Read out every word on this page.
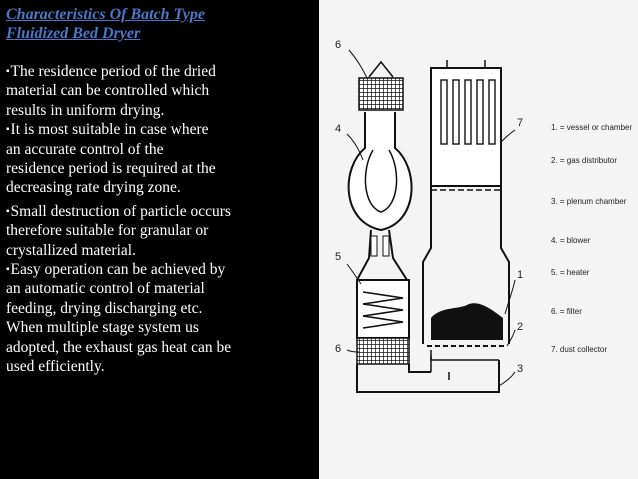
Characteristics Of Batch Type
Fluidized Bed Dryer
▪The residence period of the dried
material can be controlled which
results in uniform drying.
▪It is most suitable in case where
an accurate control of the
residence period is required at the
decreasing rate drying zone.
▪Small destruction of particle occurs
therefore suitable for granular or
crystallized material.
▪Easy operation can be achieved by
an automatic control of material
feeding, drying discharging etc.
When multiple stage system us
adopted, the exhaust gas heat can be
used efficiently.
6
4
5
6
7
1
2
3
1. = vessel or chamber
2. = gas distributor
3. = plenum chamber
4. = blower
5. = heater
6. = filter
7. dust collector
